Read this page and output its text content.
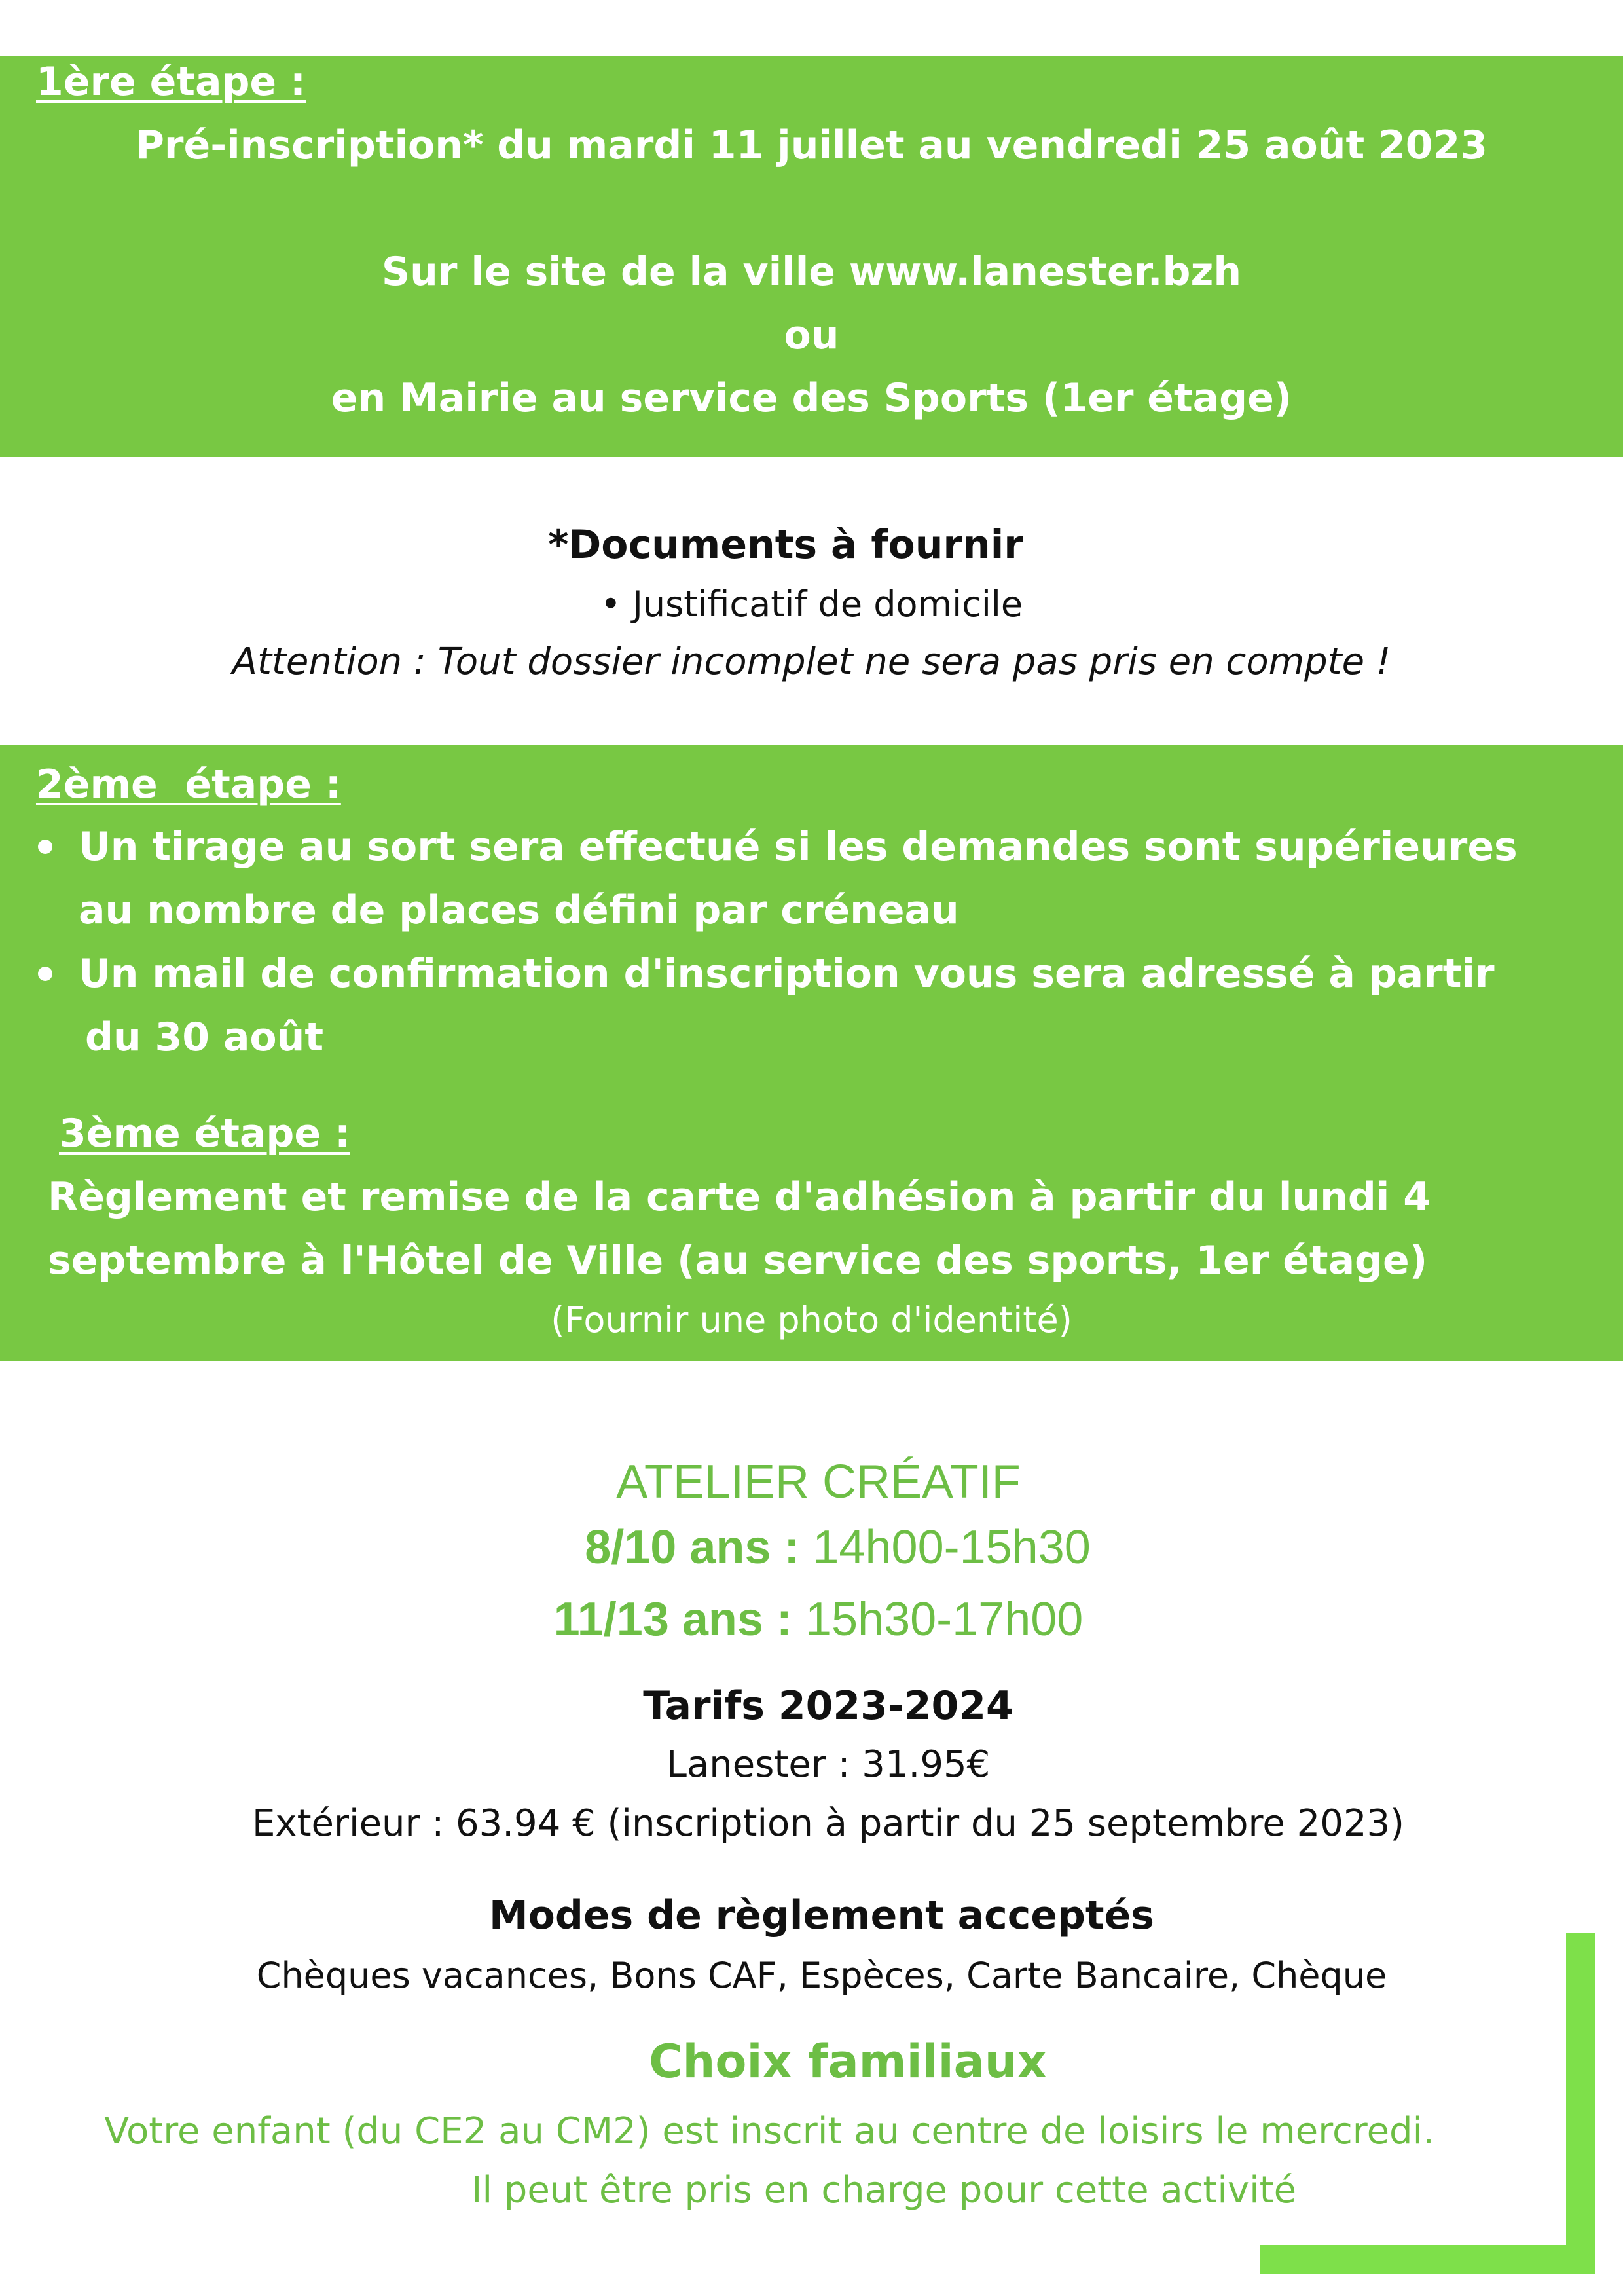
1ère étape :
Pré-inscription* du mardi 11 juillet au vendredi 25 août 2023
Sur le site de la ville www.lanester.bzh
ou
en Mairie au service des Sports (1er étage)
*Documents à fournir
• Justificatif de domicile
Attention : Tout dossier incomplet ne sera pas pris en compte !
2ème  étape :
Un tirage au sort sera effectué si les demandes sont supérieures
au nombre de places défini par créneau
Un mail de confirmation d'inscription vous sera adressé à partir
du 30 août
3ème étape :
Règlement et remise de la carte d'adhésion à partir du lundi 4
septembre à l'Hôtel de Ville (au service des sports, 1er étage)
(Fournir une photo d'identité)
ATELIER CRÉATIF
8/10 ans : 14h00-15h30
11/13 ans : 15h30-17h00
Tarifs 2023-2024
Lanester : 31.95€
Extérieur : 63.94 € (inscription à partir du 25 septembre 2023)
Modes de règlement acceptés
Chèques vacances, Bons CAF, Espèces, Carte Bancaire, Chèque
Choix familiaux
Votre enfant (du CE2 au CM2) est inscrit au centre de loisirs le mercredi.
Il peut être pris en charge pour cette activité
